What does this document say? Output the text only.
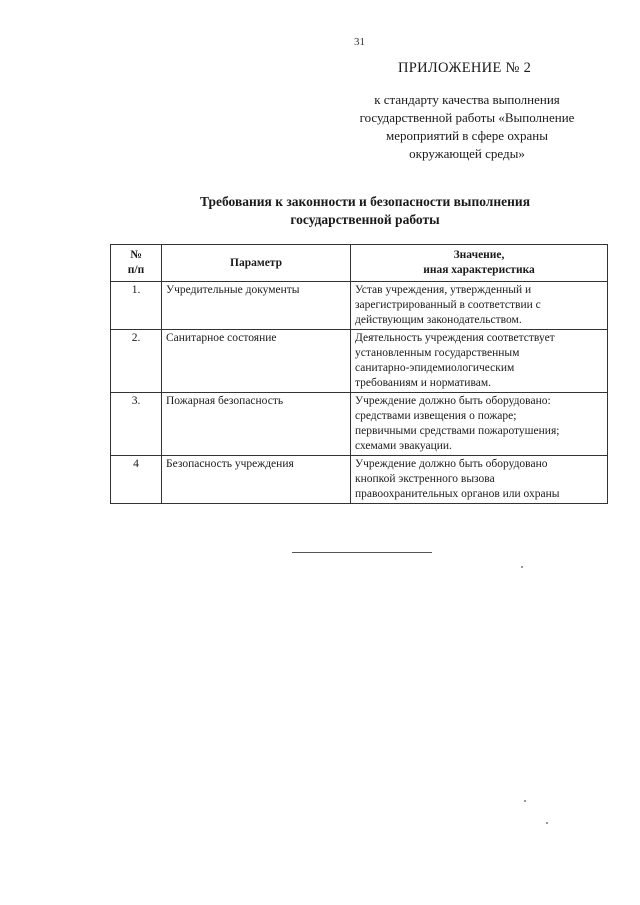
31
ПРИЛОЖЕНИЕ № 2
к стандарту качества выполнения
государственной работы «Выполнение
мероприятий в сфере охраны
окружающей среды»
Требования к законности и безопасности выполнения
государственной работы
№
п/п	Параметр	Значение,
иная характеристика

1.	Учредительные документы	Устав учреждения, утвержденный и
зарегистрированный в соответствии с
действующим законодательством.

2.	Санитарное состояние	Деятельность учреждения соответствует
установленным государственным
санитарно-эпидемиологическим
требованиям и нормативам.

3.	Пожарная безопасность	Учреждение должно быть оборудовано:
средствами извещения о пожаре;
первичными средствами пожаротушения;
схемами эвакуации.

4	Безопасность учреждения	Учреждение должно быть оборудовано
кнопкой экстренного вызова
правоохранительных органов или охраны
